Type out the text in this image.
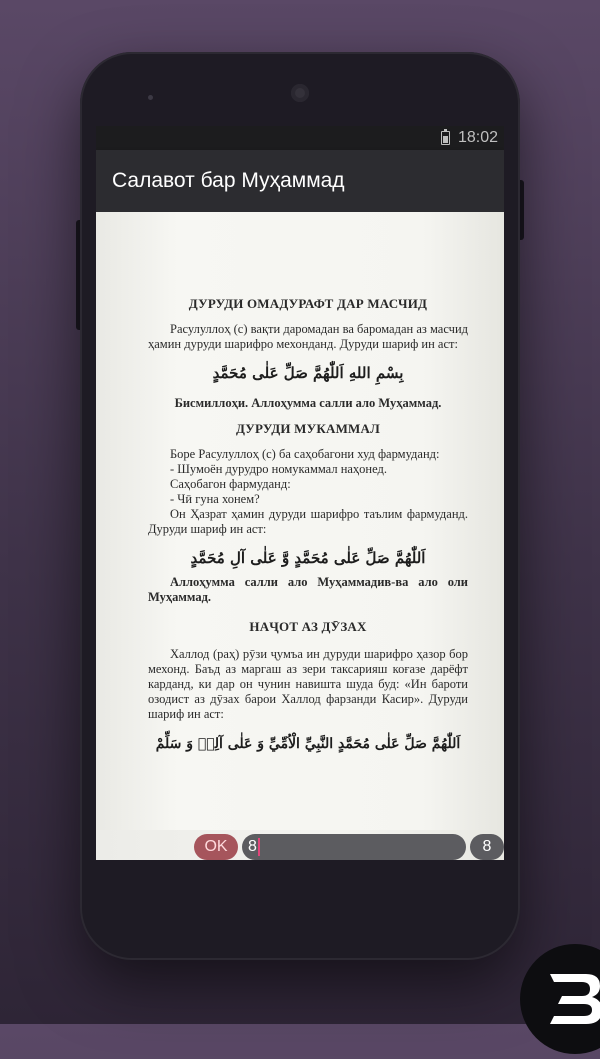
18:02
Салавот бар Муҳаммад
ДУРУДИ ОМАДУРАФТ ДАР МАСЧИД
Расулуллоҳ (с) вақти даромадан ва баромадан аз масчид ҳамин дуруди шарифро мехонданд. Дуруди шариф ин аст:
بِسْمِ اللهِ اَللّٰهُمَّ صَلِّ عَلٰى مُحَمَّدٍ
Бисмиллоҳи. Аллоҳумма салли ало Муҳаммад.
ДУРУДИ МУКАММАЛ
Боре Расулуллоҳ (с) ба саҳобагони худ фармуданд:
- Шумоён дурудро номукаммал наҳонед.
Саҳобагон фармуданд:
- Чӣ гуна хонем?
Он Ҳазрат ҳамин дуруди шарифро таълим фармуданд. Дуруди шариф ин аст:
اَللّٰهُمَّ صَلِّ عَلٰى مُحَمَّدٍ وَّ عَلٰى آلِ مُحَمَّدٍ
Аллоҳумма салли ало Муҳаммадив-ва ало оли Муҳаммад.
НАҶОТ АЗ ДӮЗАХ
Халлод (раҳ) рӯзи ҷумъа ин дуруди шарифро ҳазор бор мехонд. Баъд аз маргаш аз зери таксарияш коғазе дарёфт карданд, ки дар он чунин навишта шуда буд: «Ин бароти озодист аз дӯзах барои Халлод фарзанди Касир». Дуруди шариф ин аст:
اَللّٰهُمَّ صَلِّ عَلٰى مُحَمَّدٍ النَّبِيِّ الْاُمِّيِّ وَ عَلٰى آلِهٖ وَ سَلِّمْ
OK	8	8
